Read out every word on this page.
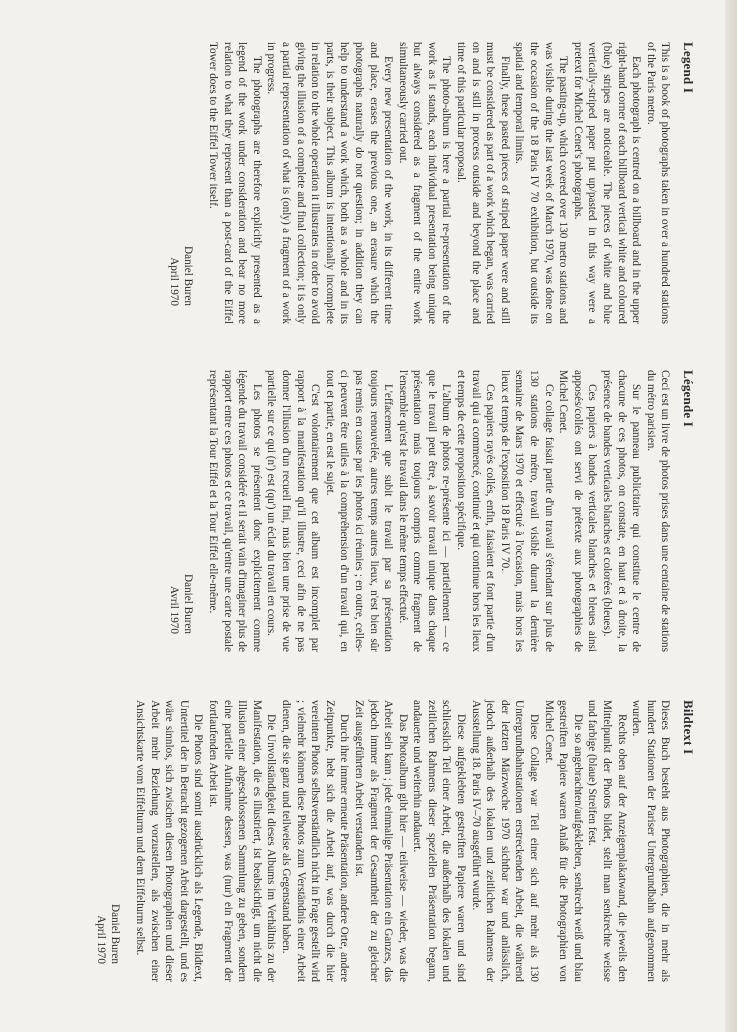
Legend I

This is a book of photographs taken in over a hundred stations of the Paris metro.

Each photograph is centred on a billboard and in the upper right-hand corner of each billboard vertical white and coloured (blue) stripes are noticeable. The pieces of white and blue vertically-striped paper put up/pasted in this way were a pretext for Michel Cenet's photographs.

The pasting-up, which covered over 130 metro stations and was visible during the last week of March 1970, was done on the occasion of the 18 Paris IV 70 exhibition, but outside its spatial and temporal limits.

Finally, these pasted pieces of striped paper were and still must be considered as part of a work which began, was carried on and is still in process outside and beyond the place and time of this particular proposal.

The photo-album is here a partial re-presentation of the work as it stands, each individual presentation being unique but always considered as a fragment of the entire work simultaneously carried out.

Every new presentation of the work, in its different time and place, erases the previous one, an erasure which the photographs naturally do not question; in addition they can help to understand a work which, both as a whole and in its parts, is their subject. This album is intentionally incomplete in relation to the whole operation it illustrates in order to avoid giving the illusion of a complete and final collection; it is only a partial representation of what is (only) a fragment of a work in progress.

The photographs are therefore explicitly presented as a legend of the work under consideration and bear no more relation to what they represent than a post-card of the Eiffel Tower does to the Eiffel Tower itself.

Daniel Buren
April 1970
Légende I

Ceci est un livre de photos prises dans une centaine de stations du métro parisien.

Sur le panneau publicitaire qui constitue le centre de chacune de ces photos, on constate, en haut et à droite, la présence de bandes verticales blanches et colorées (bleues).

Ces papiers à bandes verticales blanches et bleues ainsi apposés/collés ont servi de prétexte aux photographies de Michel Cenet.

Ce collage faisait partie d'un travail s'étendant sur plus de 130 stations de métro, travail visible durant la dernière semaine de Mars 1970 et effectué à l'occasion, mais hors les lieux et temps de l'exposition 18 Paris IV 70.

Ces papiers rayés collés, enfin, faisaient et font partie d'un travail qui a commencé, continué et qui continue hors les lieux et temps de cette proposition spécifique.

L'album de photos re-présente ici — partiellement — ce que le travail peut être, à savoir travail unique dans chaque présentation mais toujours compris comme fragment de l'ensemble qu'est le travail dans le même temps effectué.

L'effacement que subit le travail par sa présentation toujours renouvelée, autres temps autres lieux, n'est bien sûr pas remis en cause par les photos ici réunies ; en outre, celles-ci peuvent être utiles à la compréhension d'un travail qui, en tout et partie, en est le sujet.

C'est volontairement que cet album est incomplet par rapport à la manifestation qu'il illustre, ceci afin de ne pas donner l'illusion d'un recueil fini, mais bien une prise de vue partielle sur ce qui (n') est (qu') un éclat du travail en cours.

Les photos se présentent donc explicitement comme légende du travail considéré et il serait vain d'imaginer plus de rapport entre ces photos et ce travail, qu'entre une carte postale représentant la Tour Eiffel et la Tour Eiffel elle-même.

Daniel Buren
Avril 1970
Bildtext I

Dieses Buch besteht aus Photographien, die in mehr als hundert Stationen der Pariser Untergrundbahn aufgenommen wurden.

Rechts oben auf der Anzeigenplakatwand, die jeweils den Mittelpunkt der Photos bildet, stellt man senkrechte weisse und farbige (blaue) Streifen fest.

Die so angebrachten/aufgeklebten, senkrecht weiß und blau gestreiften Papiere waren Anlaß für die Photographien von Michel Cenet.

Diese Collage war Teil einer sich auf mehr als 130 Untergrundbahnstationen erstreckenden Arbeit, die während der letzten Märzwoche 1970 sichtbar war und anlässlich, jedoch außerhalb des lokalen und zeitlichen Rahmens der Ausstellung 18. Paris IV–70 ausgeführt wurde.

Diese aufgeklebten gestreiften Papiere waren und sind schliesslich Teil einer Arbeit, die außerhalb des lokalen und zeitlichen Rahmens dieser speziellen Präsentation begann, andauerte und weiterhin andauert.

Das Photoalbum gibt hier — teilweise — wieder, was die Arbeit sein kann ; jede einmalige Präsentation ein Ganzes, das jedoch immer als Fragment der Gesamtheit der zu gleicher Zeit ausgeführten Arbeit verstanden ist.

Durch ihre immer erneute Präsentation, andere Orte, andere Zeitpunkte, hebt sich die Arbeit auf, was durch die hier vereinten Photos selbstverständlich nicht in Frage gestellt wird ; vielmehr können diese Photos zum Verständnis einer Arbeit dienen, die sie ganz und teilweise als Gegenstand haben.

Die Unvollständigkeit dieses Albums im Verhältnis zu der Manifestation, die es illustriert, ist beabsichtigt, um nicht die Illusion einer abgeschlossenen Sammlung zu geben, sondern eine partielle Aufnahme dessen, was (nur) ein Fragment der fortlaufenden Arbeit ist.

Die Photos sind somit ausdrücklich als Legende, Bildtext, Untertitel der in Betracht gezogenen Arbeit dargestellt, und es wäre sinnlos, sich zwischen diesen Photographien und dieser Arbeit mehr Beziehung vorzustellen, als zwischen einer Ansichtskarte vom Eiffelturm und dem Eiffelturm selbst.

Daniel Buren
April 1970
